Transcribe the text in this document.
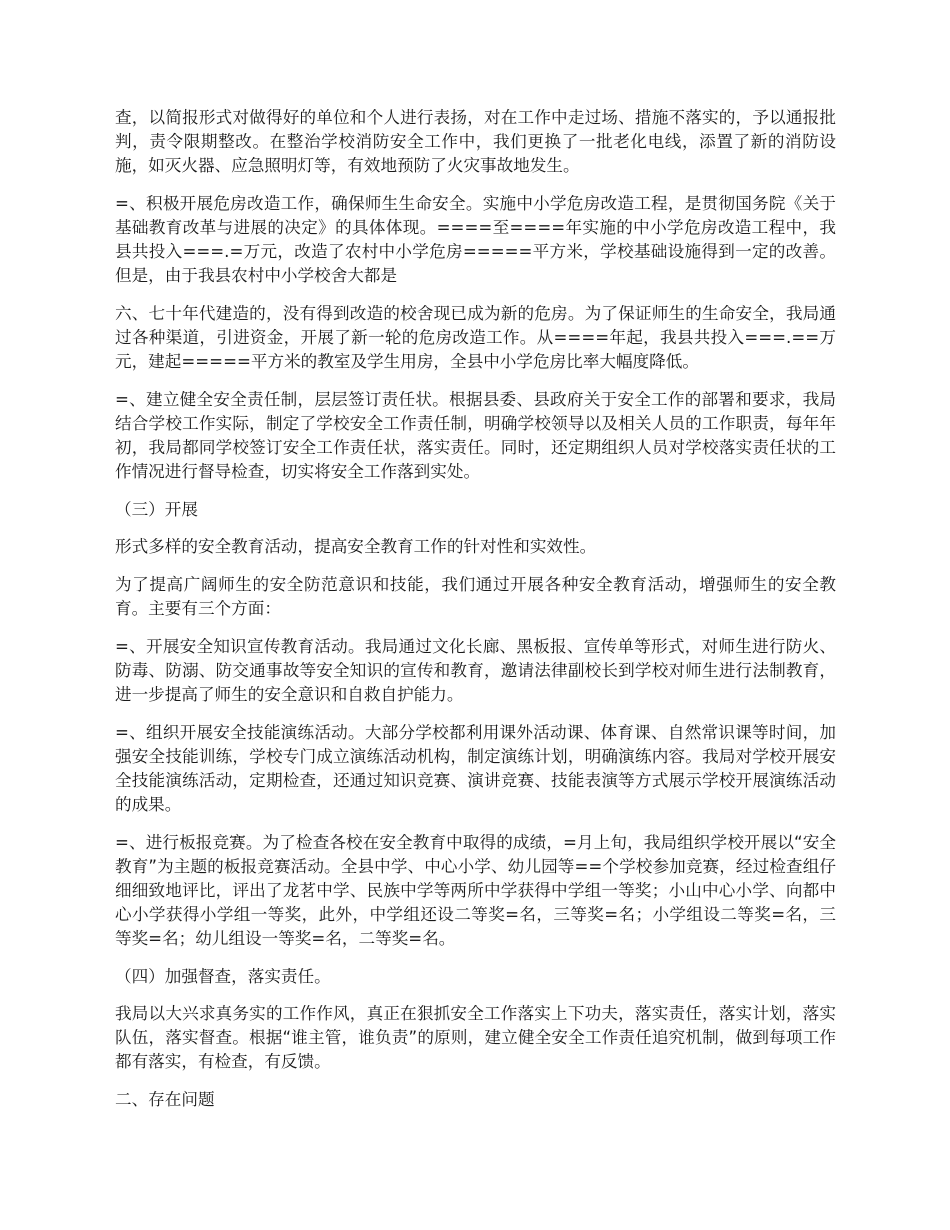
查，以简报形式对做得好的单位和个人进行表扬，对在工作中走过场、措施不落实的，予以通报批判，责令限期整改。在整治学校消防安全工作中，我们更换了一批老化电线，添置了新的消防设施，如灭火器、应急照明灯等，有效地预防了火灾事故地发生。

=、积极开展危房改造工作，确保师生生命安全。实施中小学危房改造工程，是贯彻国务院《关于基础教育改革与进展的决定》的具体体现。====至====年实施的中小学危房改造工程中，我县共投入===.=万元，改造了农村中小学危房=====平方米，学校基础设施得到一定的改善。但是，由于我县农村中小学校舍大都是

六、七十年代建造的，没有得到改造的校舍现已成为新的危房。为了保证师生的生命安全，我局通过各种渠道，引进资金，开展了新一轮的危房改造工作。从====年起，我县共投入===.==万元，建起=====平方米的教室及学生用房，全县中小学危房比率大幅度降低。

=、建立健全安全责任制，层层签订责任状。根据县委、县政府关于安全工作的部署和要求，我局结合学校工作实际，制定了学校安全工作责任制，明确学校领导以及相关人员的工作职责，每年年初，我局都同学校签订安全工作责任状，落实责任。同时，还定期组织人员对学校落实责任状的工作情况进行督导检查，切实将安全工作落到实处。

（三）开展

形式多样的安全教育活动，提高安全教育工作的针对性和实效性。

为了提高广阔师生的安全防范意识和技能，我们通过开展各种安全教育活动，增强师生的安全教育。主要有三个方面：

=、开展安全知识宣传教育活动。我局通过文化长廊、黑板报、宣传单等形式，对师生进行防火、防毒、防溺、防交通事故等安全知识的宣传和教育，邀请法律副校长到学校对师生进行法制教育，进一步提高了师生的安全意识和自救自护能力。

=、组织开展安全技能演练活动。大部分学校都利用课外活动课、体育课、自然常识课等时间，加强安全技能训练，学校专门成立演练活动机构，制定演练计划，明确演练内容。我局对学校开展安全技能演练活动，定期检查，还通过知识竞赛、演讲竞赛、技能表演等方式展示学校开展演练活动的成果。

=、进行板报竞赛。为了检查各校在安全教育中取得的成绩，=月上旬，我局组织学校开展以“安全教育”为主题的板报竞赛活动。全县中学、中心小学、幼儿园等==个学校参加竞赛，经过检查组仔细细致地评比，评出了龙茗中学、民族中学等两所中学获得中学组一等奖；小山中心小学、向都中心小学获得小学组一等奖，此外，中学组还设二等奖=名，三等奖=名；小学组设二等奖=名，三等奖=名；幼儿组设一等奖=名，二等奖=名。

（四）加强督查，落实责任。

我局以大兴求真务实的工作作风，真正在狠抓安全工作落实上下功夫，落实责任，落实计划，落实队伍，落实督查。根据“谁主管，谁负责”的原则，建立健全安全工作责任追究机制，做到每项工作都有落实，有检查，有反馈。

二、存在问题
